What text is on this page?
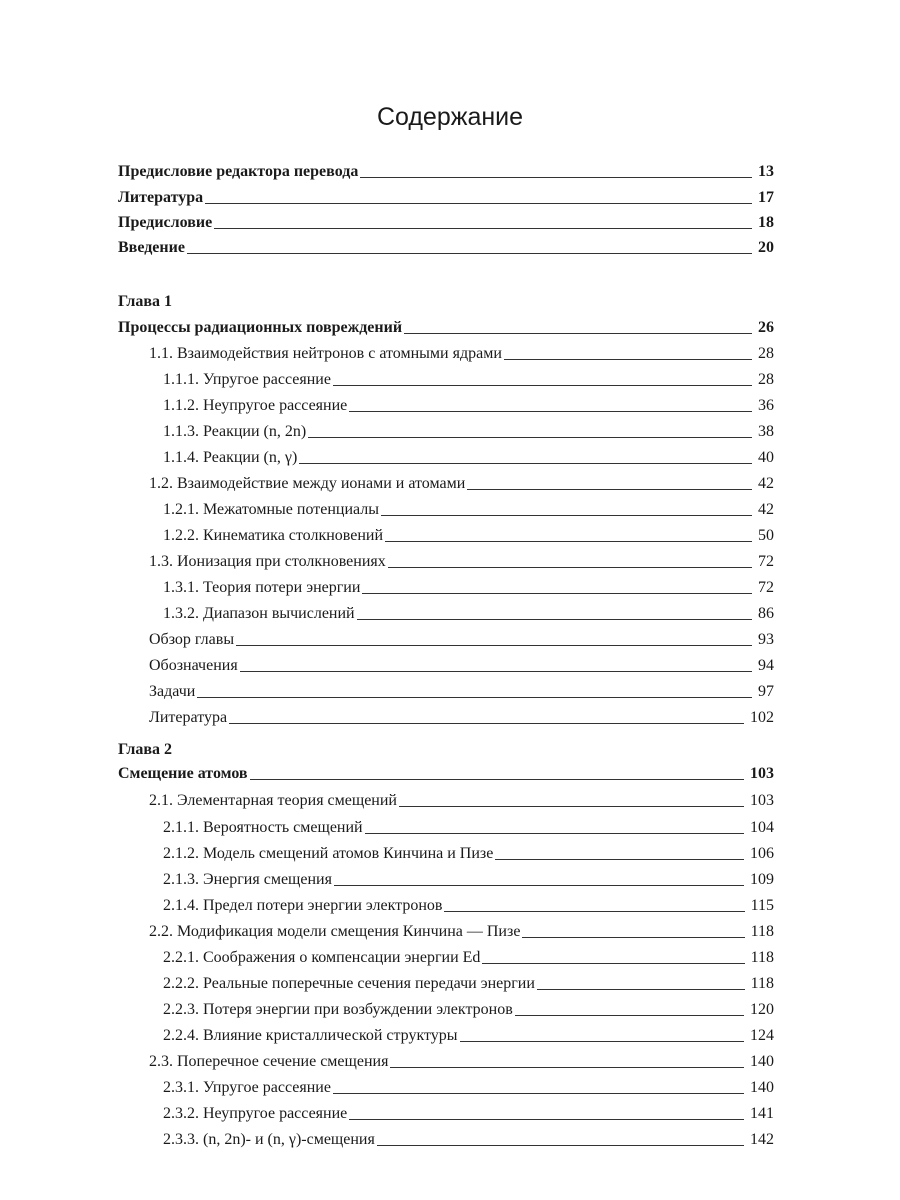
Содержание
Предисловие редактора перевода	13
Литература	17
Предисловие	18
Введение	20
Глава 1
Процессы радиационных повреждений	26
1.1. Взаимодействия нейтронов с атомными ядрами	28
1.1.1. Упругое рассеяние	28
1.1.2. Неупругое рассеяние	36
1.1.3. Реакции (n, 2n)	38
1.1.4. Реакции (n, γ)	40
1.2. Взаимодействие между ионами и атомами	42
1.2.1. Межатомные потенциалы	42
1.2.2. Кинематика столкновений	50
1.3. Ионизация при столкновениях	72
1.3.1. Теория потери энергии	72
1.3.2. Диапазон вычислений	86
Обзор главы	93
Обозначения	94
Задачи	97
Литература	102
Глава 2
Смещение атомов	103
2.1. Элементарная теория смещений	103
2.1.1. Вероятность смещений	104
2.1.2. Модель смещений атомов Кинчина и Пизе	106
2.1.3. Энергия смещения	109
2.1.4. Предел потери энергии электронов	115
2.2. Модификация модели смещения Кинчина — Пизе	118
2.2.1. Соображения о компенсации энергии Ed	118
2.2.2. Реальные поперечные сечения передачи энергии	118
2.2.3. Потеря энергии при возбуждении электронов	120
2.2.4. Влияние кристаллической структуры	124
2.3. Поперечное сечение смещения	140
2.3.1. Упругое рассеяние	140
2.3.2. Неупругое рассеяние	141
2.3.3. (n, 2n)- и (n, γ)-смещения	142
